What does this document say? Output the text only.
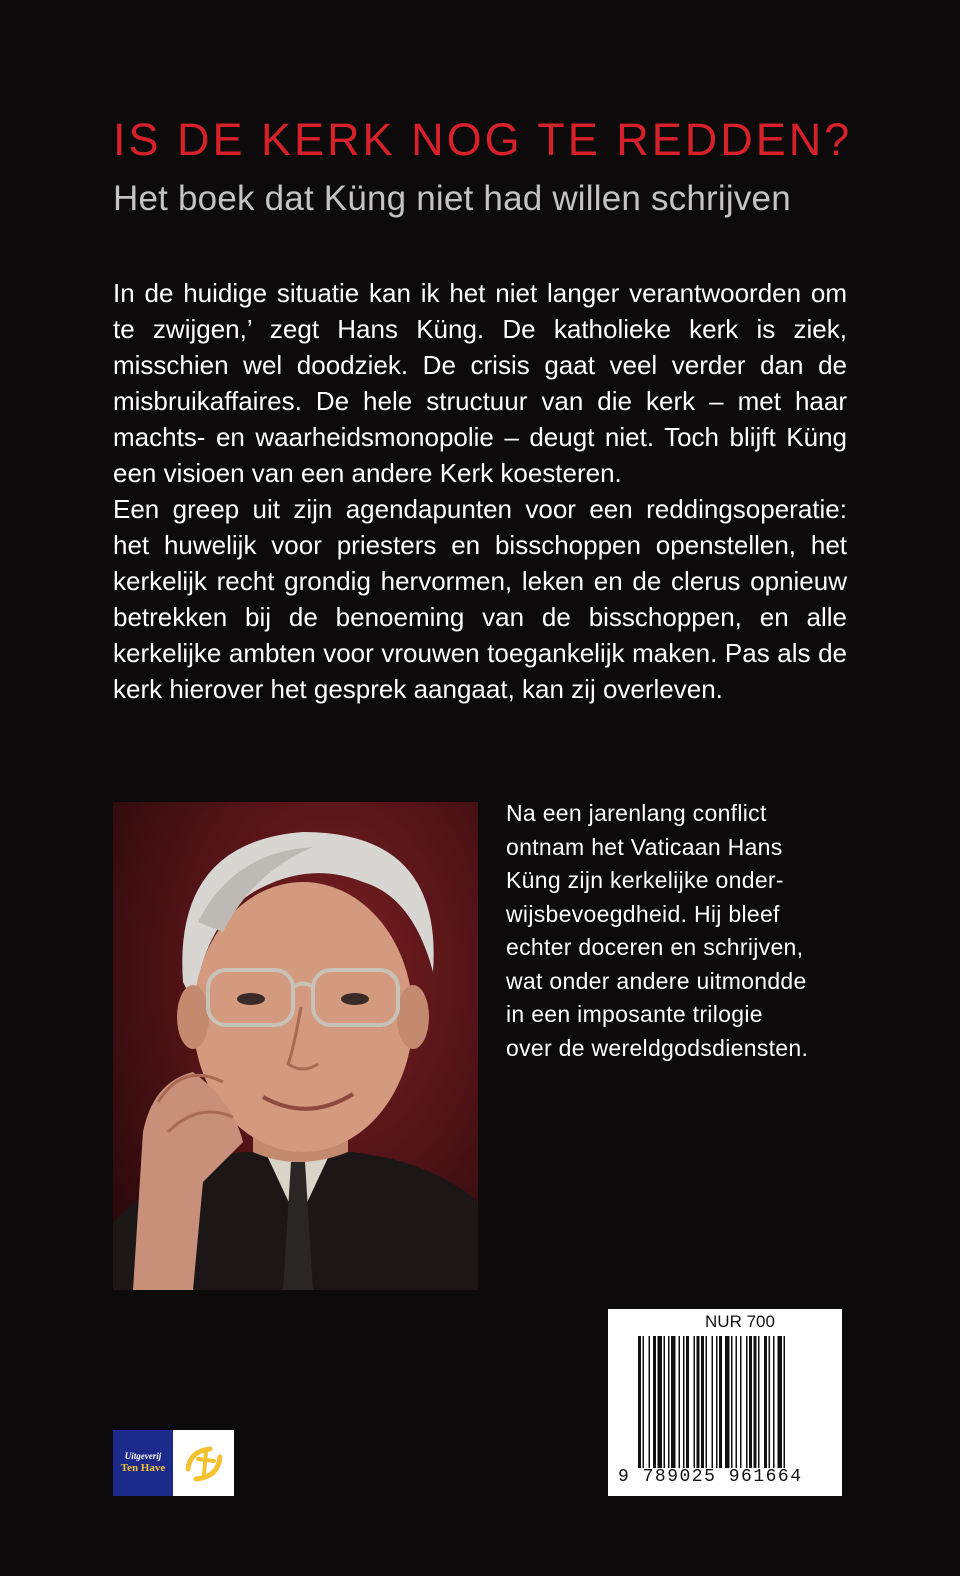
IS DE KERK NOG TE REDDEN?
Het boek dat Küng niet had willen schrijven

In de huidige situatie kan ik het niet langer verantwoorden om te zwijgen,’ zegt Hans Küng. De katholieke kerk is ziek, misschien wel doodziek. De crisis gaat veel verder dan de misbruikaffaires. De hele structuur van die kerk – met haar machts- en waarheidsmonopolie – deugt niet. Toch blijft Küng een visioen van een andere Kerk koesteren.

Een greep uit zijn agendapunten voor een reddingsoperatie: het huwelijk voor priesters en bisschoppen openstellen, het kerkelijk recht grondig hervormen, leken en de clerus opnieuw betrekken bij de benoeming van de bisschoppen, en alle kerkelijke ambten voor vrouwen toegankelijk maken. Pas als de kerk hierover het gesprek aangaat, kan zij overleven.

Na een jarenlang conflict
ontnam het Vaticaan Hans
Küng zijn kerkelijke onder-
wijsbevoegdheid. Hij bleef
echter doceren en schrijven,
wat onder andere uitmondde
in een imposante trilogie
over de wereldgodsdiensten.
NUR 700
9 789025 961664
Uitgeverij
Ten Have
